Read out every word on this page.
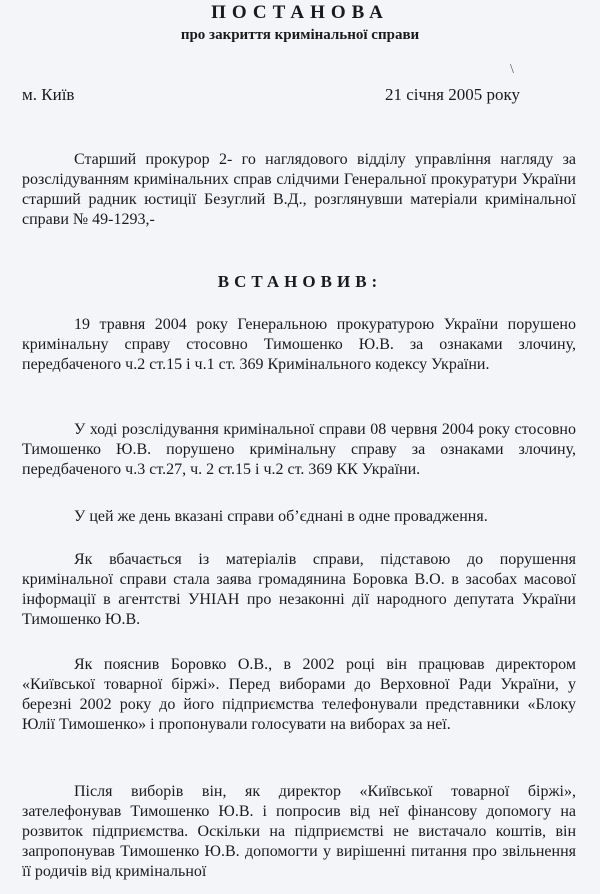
ПОСТАНОВА
про закриття кримінальної справи
\
м. Київ	21 січня 2005 року
Старший прокурор 2- го наглядового відділу управління нагляду за розслідуванням кримінальних справ слідчими Генеральної прокуратури України старший радник юстиції Безуглий В.Д., розглянувши матеріали кримінальної справи № 49-1293,-
ВСТАНОВИВ:
19 травня 2004 року Генеральною прокуратурою України порушено кримінальну справу стосовно Тимошенко Ю.В. за ознаками злочину, передбаченого ч.2 ст.15 і ч.1 ст. 369 Кримінального кодексу України.
У ході розслідування кримінальної справи 08 червня 2004 року стосовно Тимошенко Ю.В. порушено кримінальну справу за ознаками злочину, передбаченого ч.3 ст.27, ч. 2 ст.15 і ч.2 ст. 369 КК України.
У цей же день вказані справи об’єднані в одне провадження.
Як вбачається із матеріалів справи, підставою до порушення кримінальної справи стала заява громадянина Боровка В.О. в засобах масової інформації в агентстві УНІАН про незаконні дії народного депутата України Тимошенко Ю.В.
Як пояснив Боровко О.В., в 2002 році він працював директором «Київської товарної біржі». Перед виборами до Верховної Ради України, у березні 2002 року до його підприємства телефонували представники «Блоку Юлії Тимошенко» і пропонували голосувати на виборах за неї.
Після виборів він, як директор «Київської товарної біржі», зателефонував Тимошенко Ю.В. і попросив від неї фінансову допомогу на розвиток підприємства. Оскільки на підприємстві не вистачало коштів, він запропонував Тимошенко Ю.В. допомогти у вирішенні питання про звільнення її родичів від кримінальної
